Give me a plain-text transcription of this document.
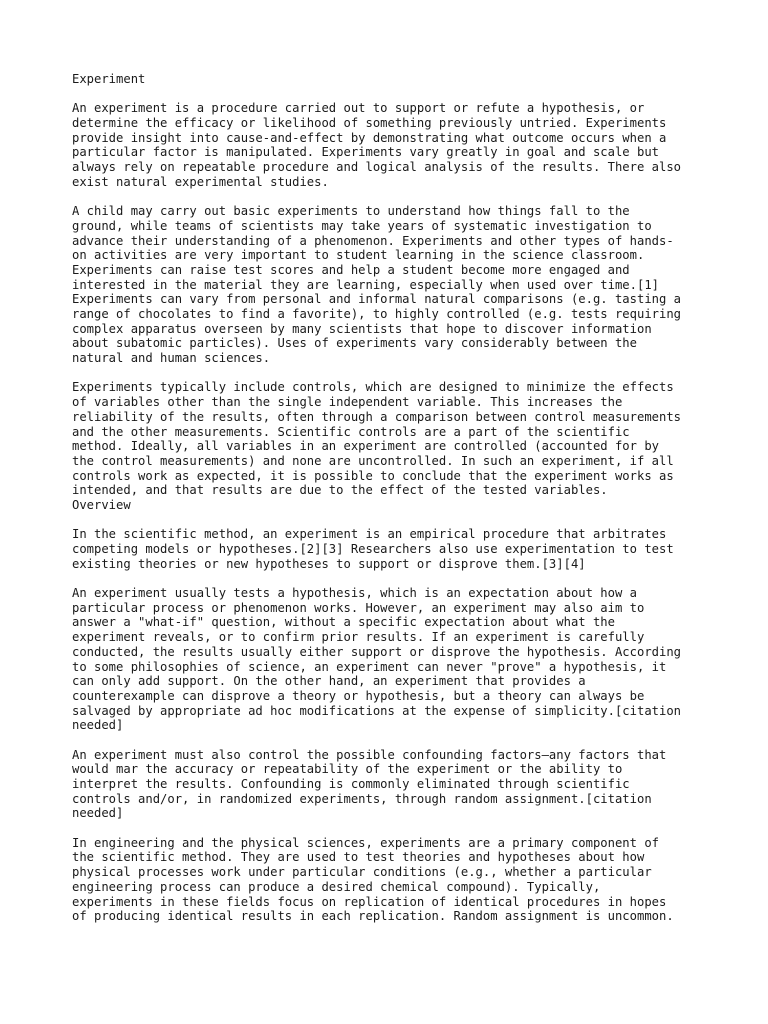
Experiment
An experiment is a procedure carried out to support or refute a hypothesis, or
determine the efficacy or likelihood of something previously untried. Experiments
provide insight into cause-and-effect by demonstrating what outcome occurs when a
particular factor is manipulated. Experiments vary greatly in goal and scale but
always rely on repeatable procedure and logical analysis of the results. There also
exist natural experimental studies.
A child may carry out basic experiments to understand how things fall to the
ground, while teams of scientists may take years of systematic investigation to
advance their understanding of a phenomenon. Experiments and other types of hands-
on activities are very important to student learning in the science classroom.
Experiments can raise test scores and help a student become more engaged and
interested in the material they are learning, especially when used over time.[1]
Experiments can vary from personal and informal natural comparisons (e.g. tasting a
range of chocolates to find a favorite), to highly controlled (e.g. tests requiring
complex apparatus overseen by many scientists that hope to discover information
about subatomic particles). Uses of experiments vary considerably between the
natural and human sciences.
Experiments typically include controls, which are designed to minimize the effects
of variables other than the single independent variable. This increases the
reliability of the results, often through a comparison between control measurements
and the other measurements. Scientific controls are a part of the scientific
method. Ideally, all variables in an experiment are controlled (accounted for by
the control measurements) and none are uncontrolled. In such an experiment, if all
controls work as expected, it is possible to conclude that the experiment works as
intended, and that results are due to the effect of the tested variables.
Overview
In the scientific method, an experiment is an empirical procedure that arbitrates
competing models or hypotheses.[2][3] Researchers also use experimentation to test
existing theories or new hypotheses to support or disprove them.[3][4]
An experiment usually tests a hypothesis, which is an expectation about how a
particular process or phenomenon works. However, an experiment may also aim to
answer a "what-if" question, without a specific expectation about what the
experiment reveals, or to confirm prior results. If an experiment is carefully
conducted, the results usually either support or disprove the hypothesis. According
to some philosophies of science, an experiment can never "prove" a hypothesis, it
can only add support. On the other hand, an experiment that provides a
counterexample can disprove a theory or hypothesis, but a theory can always be
salvaged by appropriate ad hoc modifications at the expense of simplicity.[citation
needed]
An experiment must also control the possible confounding factors—any factors that
would mar the accuracy or repeatability of the experiment or the ability to
interpret the results. Confounding is commonly eliminated through scientific
controls and/or, in randomized experiments, through random assignment.[citation
needed]
In engineering and the physical sciences, experiments are a primary component of
the scientific method. They are used to test theories and hypotheses about how
physical processes work under particular conditions (e.g., whether a particular
engineering process can produce a desired chemical compound). Typically,
experiments in these fields focus on replication of identical procedures in hopes
of producing identical results in each replication. Random assignment is uncommon.
